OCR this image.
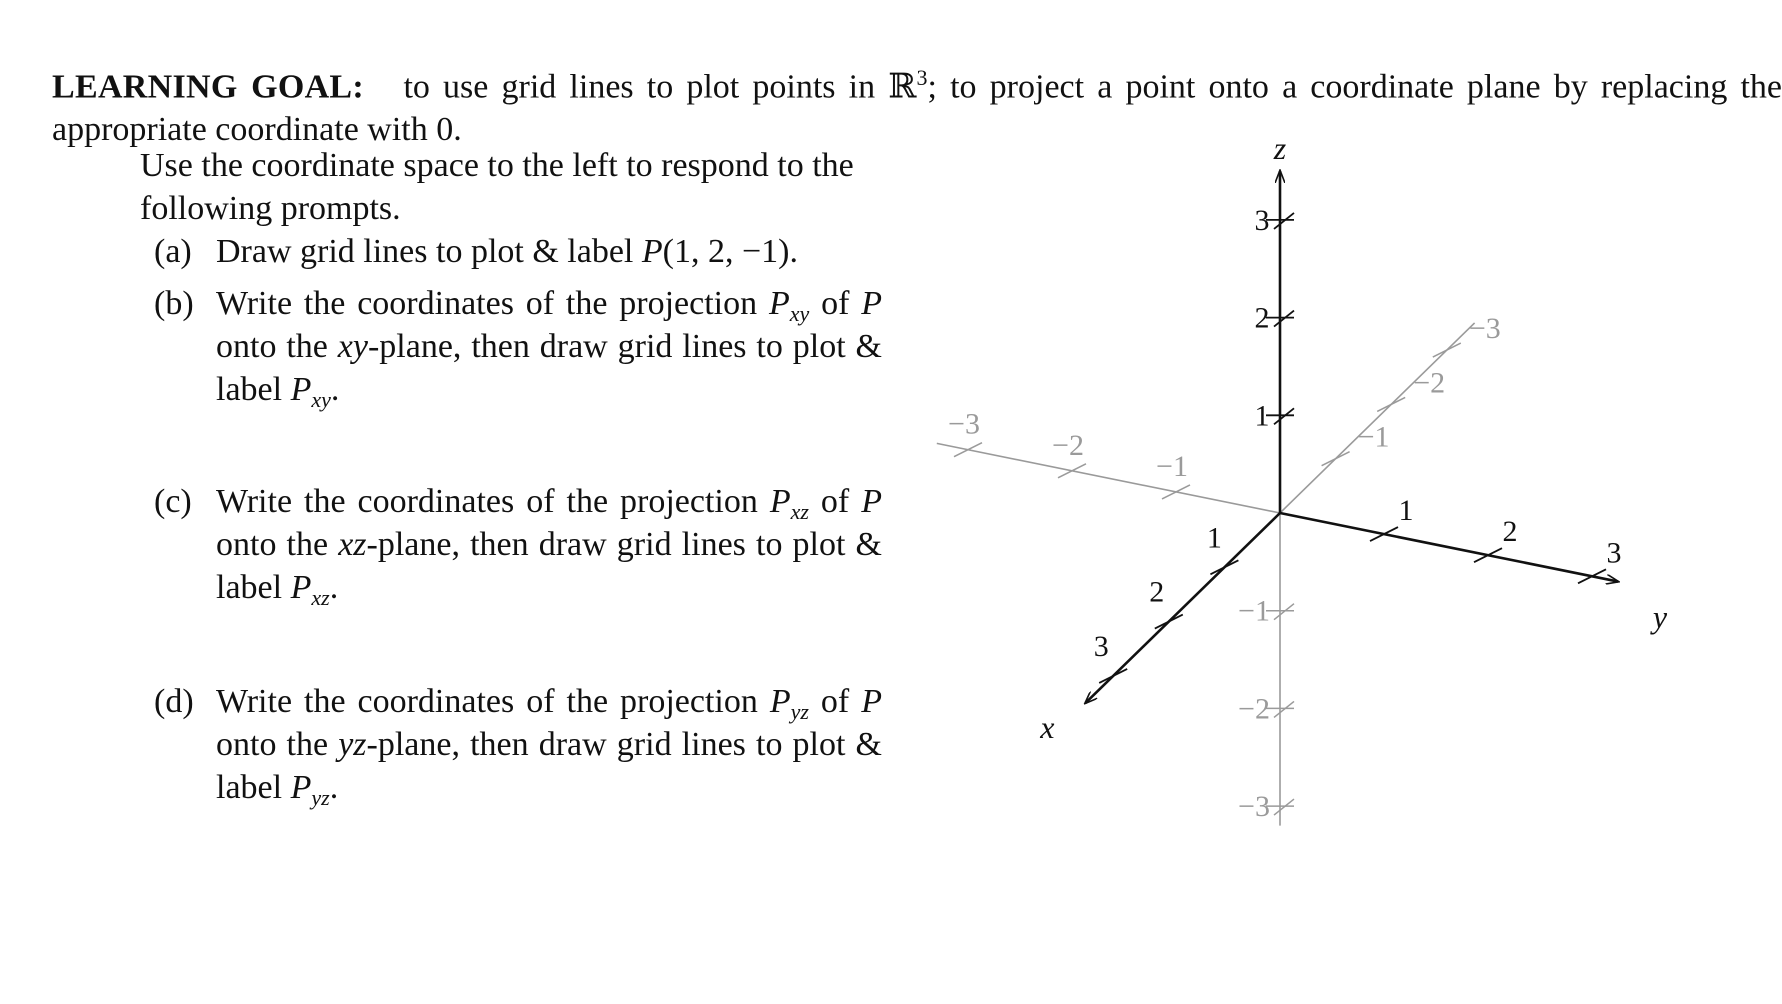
LEARNING GOAL: to use grid lines to plot points in ℝ$^3$; to project a point onto a coordinate plane by replacing the appropriate coordinate with 0.
Use the coordinate space to the left to respond to the following prompts.
(a) Draw grid lines to plot & label P(1, 2, −1).
(b) Write the coordinates of the projection $P_{xy}$ of P onto the xy-plane, then draw grid lines to plot & label $P_{xy}$.
(c) Write the coordinates of the projection $P_{xz}$ of P onto the xz-plane, then draw grid lines to plot & label $P_{xz}$.
(d) Write the coordinates of the projection $P_{yz}$ of P onto the yz-plane, then draw grid lines to plot & label $P_{yz}$.
1
2
3
−1
−2
−3
1
2
3
−1
−2
−3	1
2
3
−1
−2
−3
x
y
z
